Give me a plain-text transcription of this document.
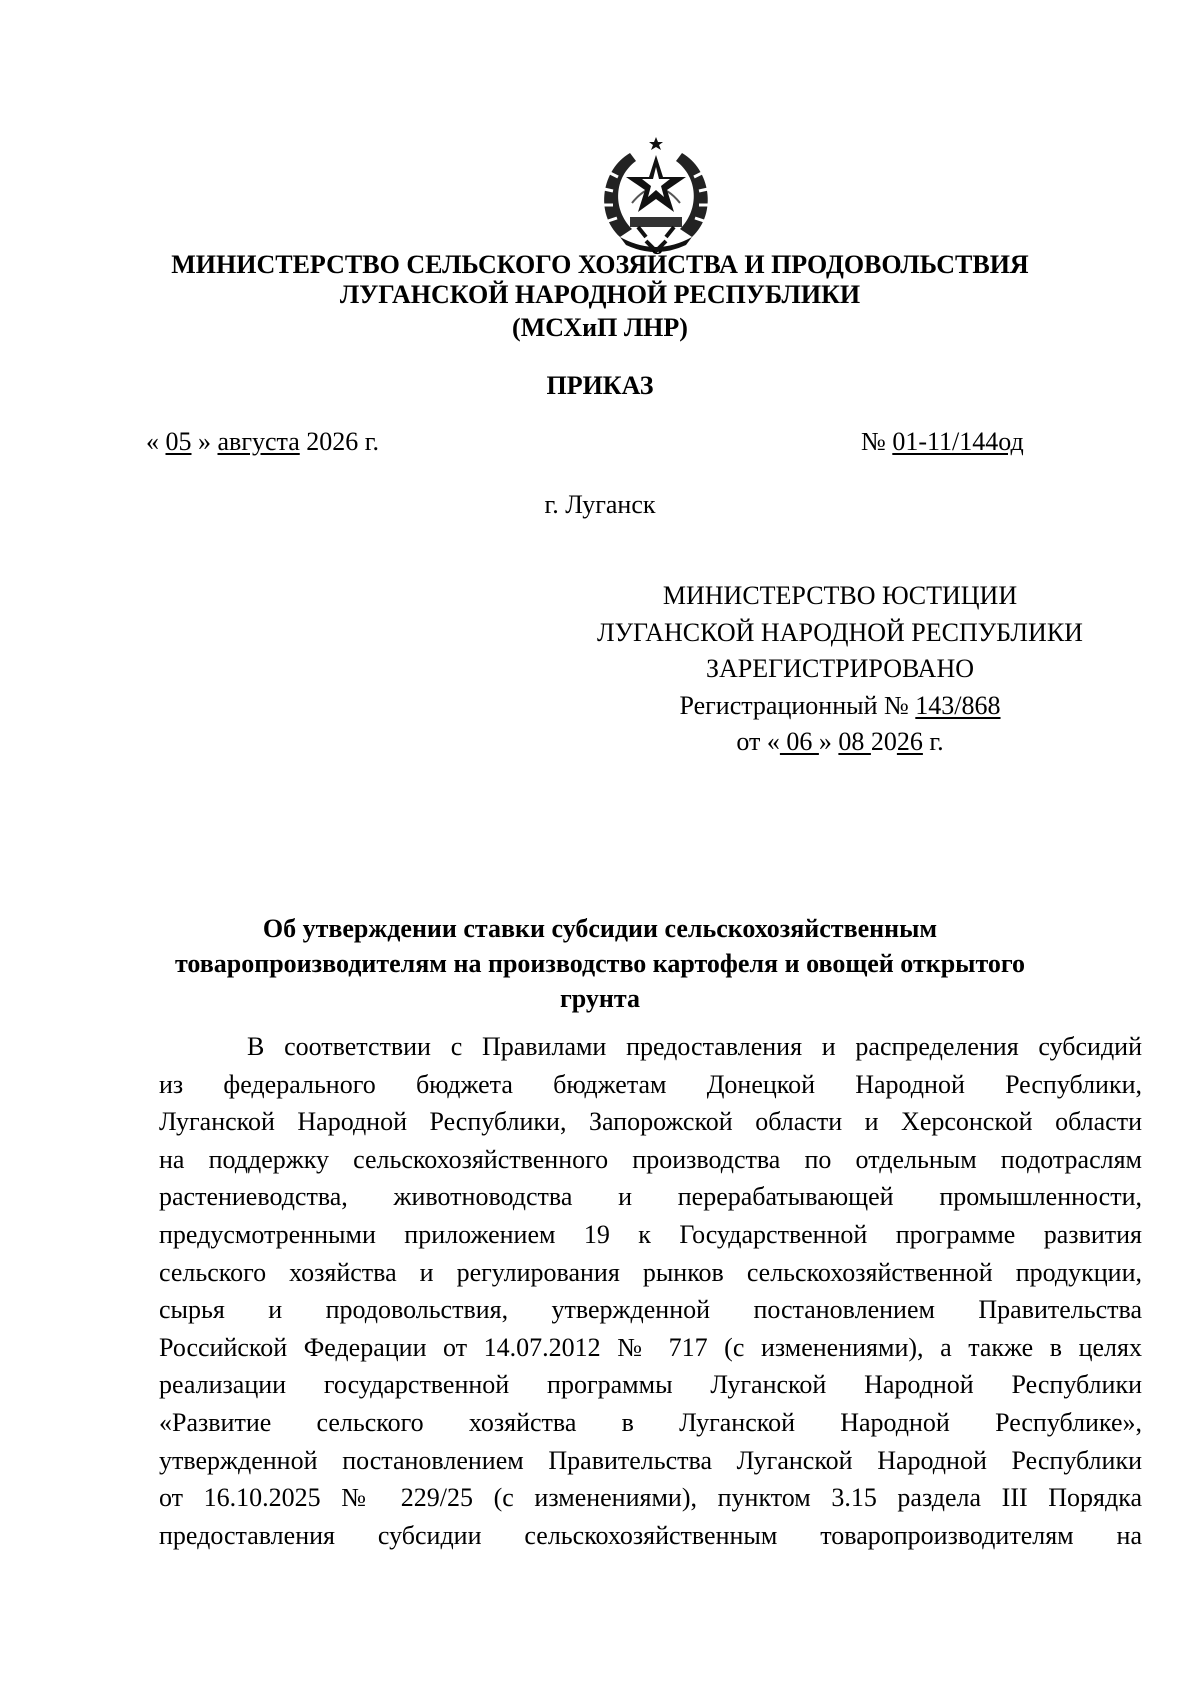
МИНИСТЕРСТВО СЕЛЬСКОГО ХОЗЯЙСТВА И ПРОДОВОЛЬСТВИЯ
ЛУГАНСКОЙ НАРОДНОЙ РЕСПУБЛИКИ
(МСХиП ЛНР)
ПРИКАЗ
« 05 » августа 2026 г.	№ 01-11/144од
г. Луганск
МИНИСТЕРСТВО ЮСТИЦИИ
ЛУГАНСКОЙ НАРОДНОЙ РЕСПУБЛИКИ
ЗАРЕГИСТРИРОВАНО
Регистрационный № 143/868
от « 06 » 08 2026 г.
Об утверждении ставки субсидии сельскохозяйственным
товаропроизводителям на производство картофеля и овощей открытого
грунта
В соответствии с Правилами предоставления и распределения субсидий
из федерального бюджета бюджетам Донецкой Народной Республики,
Луганской Народной Республики, Запорожской области и Херсонской области
на поддержку сельскохозяйственного производства по отдельным подотраслям
растениеводства, животноводства и перерабатывающей промышленности,
предусмотренными приложением 19 к Государственной программе развития
сельского хозяйства и регулирования рынков сельскохозяйственной продукции,
сырья и продовольствия, утвержденной постановлением Правительства
Российской Федерации от 14.07.2012 № 717 (с изменениями), а также в целях
реализации государственной программы Луганской Народной Республики
«Развитие сельского хозяйства в Луганской Народной Республике»,
утвержденной постановлением Правительства Луганской Народной Республики
от 16.10.2025 № 229/25 (с изменениями), пунктом 3.15 раздела III Порядка
предоставления субсидии сельскохозяйственным товаропроизводителям на
